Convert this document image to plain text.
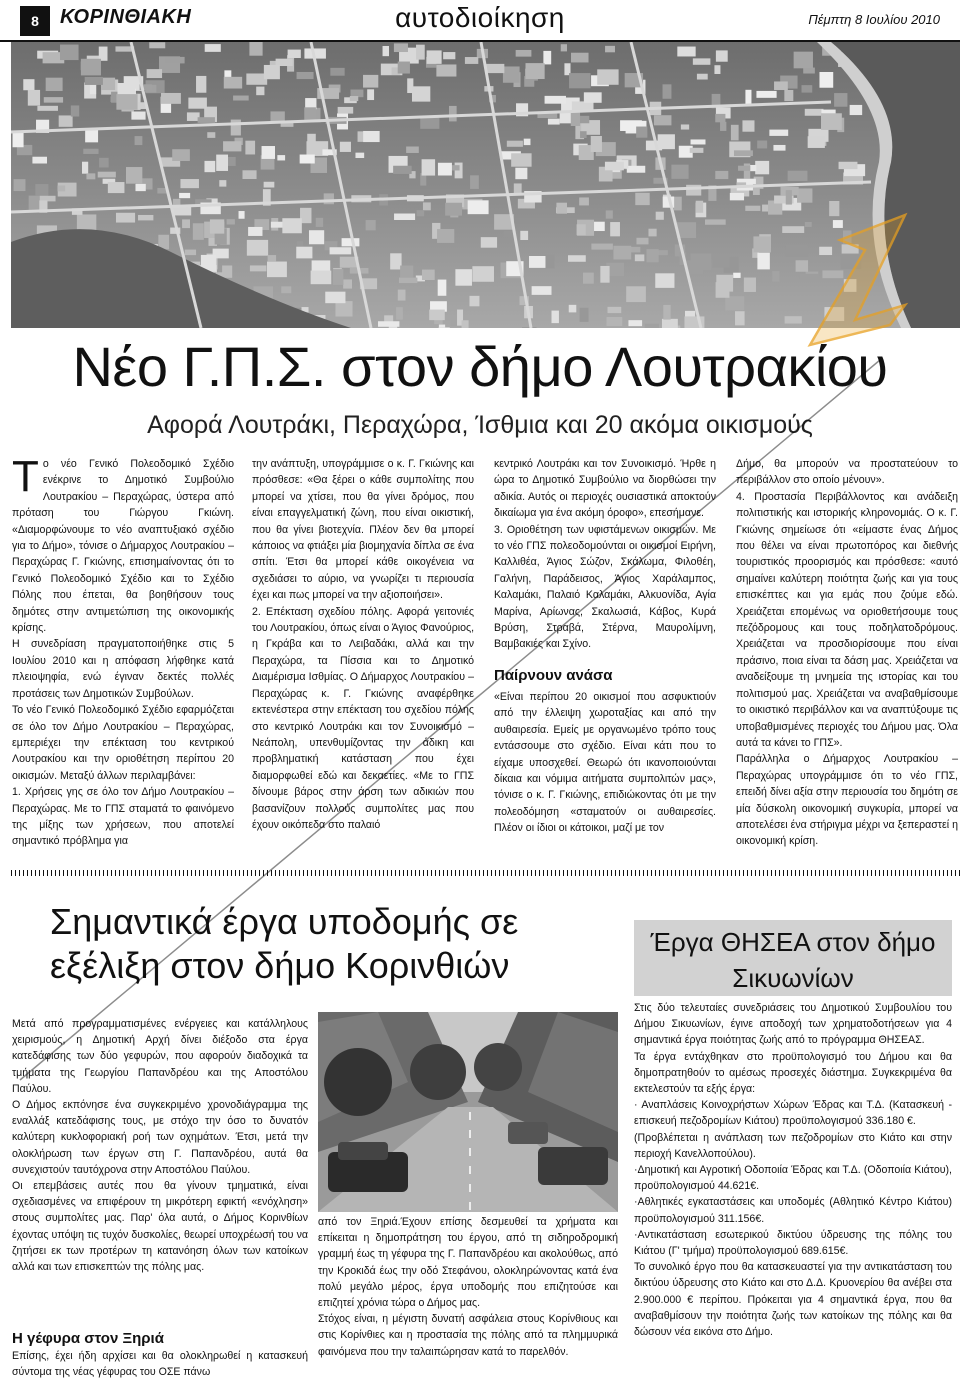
8	ΚΟΡΙΝΘΙΑΚΗ	αυτοδιοίκηση	Πέμπτη 8 Ιουλίου 2010
Νέο Γ.Π.Σ. στον δήμο Λουτρακίου
Αφορά Λουτράκι, Περαχώρα, Ίσθμια και 20 ακόμα οικισμούς
Τ ο νέο Γενικό Πολεοδομικό Σχέδιο ενέκρινε το Δημοτικό Συμβούλιο Λουτρακίου – Περαχώρας, ύστερα από πρόταση του Γιώργου Γκιώνη. «Διαμορφώνουμε το νέο αναπτυξιακό σχέδιο για το Δήμο», τόνισε ο Δήμαρχος Λουτρακίου – Περαχώρας Γ. Γκιώνης, επισημαίνοντας ότι το Γενικό Πολεοδομικό Σχέδιο και το Σχέδιο Πόλης που έπεται, θα βοηθήσουν τους δημότες στην αντιμετώπιση της οικονομικής κρίσης.

Η συνεδρίαση πραγματοποιήθηκε στις 5 Ιουλίου 2010 και η απόφαση λήφθηκε κατά πλειοψηφία, ενώ έγιναν δεκτές πολλές προτάσεις των Δημοτικών Συμβούλων.

Το νέο Γενικό Πολεοδομικό Σχέδιο εφαρμόζεται σε όλο τον Δήμο Λουτρακίου – Περαχώρας, εμπεριέχει την επέκταση του κεντρικού Λουτρακίου και την οριοθέτηση περίπου 20 οικισμών. Μεταξύ άλλων περιλαμβάνει:

1. Χρήσεις γης σε όλο τον Δήμο Λουτρακίου – Περαχώρας. Με το ΓΠΣ σταματά το φαινόμενο της μίξης των χρήσεων, που αποτελεί σημαντικό πρόβλημα για

την ανάπτυξη, υπογράμμισε ο κ. Γ. Γκιώνης και πρόσθεσε: «Θα ξέρει ο κάθε συμπολίτης που μπορεί να χτίσει, που θα γίνει δρόμος, που είναι επαγγελματική ζώνη, που είναι οικιστική, που θα γίνει βιοτεχνία. Πλέον δεν θα μπορεί κάποιος να φτιάξει μία βιομηχανία δίπλα σε ένα σπίτι. Έτσι θα μπορεί κάθε οικογένεια να σχεδιάσει το αύριο, να γνωρίζει τι περιουσία έχει και πως μπορεί να την αξιοποιήσει».

2. Επέκταση σχεδίου πόλης. Αφορά γειτονιές του Λουτρακίου, όπως είναι ο Άγιος Φανούριος, η Γκράβα και το Λειβαδάκι, αλλά και την Περαχώρα, τα Πίσσια και το Δημοτικό Διαμέρισμα Ισθμίας. Ο Δήμαρχος Λουτρακίου – Περαχώρας κ. Γ. Γκιώνης αναφέρθηκε εκτενέστερα στην επέκταση του σχεδίου πόλης στο κεντρικό Λουτράκι και τον Συνοικισμό – Νεάπολη, υπενθυμίζοντας την άδικη και προβληματική κατάσταση που έχει διαμορφωθεί εδώ και δεκαετίες. «Με το ΓΠΣ δίνουμε βάρος στην άρση των αδικιών που βασανίζουν πολλούς συμπολίτες μας που έχουν οικόπεδα στο παλαιό

κεντρικό Λουτράκι και τον Συνοικισμό. Ήρθε η ώρα το Δημοτικό Συμβούλιο να διορθώσει την αδικία. Αυτός οι περιοχές ουσιαστικά αποκτούν δικαίωμα για ένα ακόμη όροφο», επεσήμανε.

3. Οριοθέτηση των υφιστάμενων οικισμών. Με το νέο ΓΠΣ πολεοδομούνται οι οικισμοί Ειρήνη, Καλλιθέα, Άγιος Σώζον, Σκάλωμα, Φιλοθέη, Γαλήνη, Παράδεισος, Άγιος Χαράλαμπος, Καλαμάκι, Παλαιό Καλαμάκι, Αλκυονίδα, Αγία Μαρίνα, Αρίωνας, Σκαλωσιά, Κάβος, Κυρά Βρύση, Στραβά, Στέρνα, Μαυρολίμνη, Βαμβακιές και Σχίνο.

Παίρνουν ανάσα

«Είναι περίπου 20 οικισμοί που ασφυκτιούν από την έλλειψη χωροταξίας και από την αυθαιρεσία. Εμείς με οργανωμένο τρόπο τους εντάσσουμε στο σχέδιο. Είναι κάτι που το είχαμε υποσχεθεί. Θεωρώ ότι ικανοποιούνται δίκαια και νόμιμα αιτήματα συμπολιτών μας», τόνισε ο κ. Γ. Γκιώνης, επιδιώκοντας ότι με την πολεοδόμηση «σταματούν οι αυθαιρεσίες. Πλέον οι ίδιοι οι κάτοικοι, μαζί με τον

Δήμο, θα μπορούν να προστατεύουν το περιβάλλον στο οποίο μένουν».

4. Προστασία Περιβάλλοντος και ανάδειξη πολιτιστικής και ιστορικής κληρονομιάς. Ο κ. Γ. Γκιώνης σημείωσε ότι «είμαστε ένας Δήμος που θέλει να είναι πρωτοπόρος και διεθνής τουριστικός προορισμός και πρόσθεσε: «αυτό σημαίνει καλύτερη ποιότητα ζωής και για τους επισκέπτες και για εμάς που ζούμε εδώ. Χρειάζεται επομένως να οριοθετήσουμε τους πεζόδρομους και τους ποδηλατοδρόμους. Χρειάζεται να προσδιορίσουμε που είναι πράσινο, ποια είναι τα δάση μας. Χρειάζεται να αναδείξουμε τη μνημεία της ιστορίας και του πολιτισμού μας. Χρειάζεται να αναβαθμίσουμε το οικιστικό περιβάλλον και να αναπτύξουμε τις υποβαθμισμένες περιοχές του Δήμου μας. Όλα αυτά τα κάνει το ΓΠΣ».

Παράλληλα ο Δήμαρχος Λουτρακίου – Περαχώρας υπογράμμισε ότι το νέο ΓΠΣ, επειδή δίνει αξία στην περιουσία του δημότη σε μία δύσκολη οικονομική συγκυρία, μπορεί να αποτελέσει ένα στήριγμα μέχρι να ξεπεραστεί η οικονομική κρίση.

Σημαντικά έργα υποδομής σε εξέλιξη στον δήμο Κορινθιών

Μετά από προγραμματισμένες ενέργειες και κατάλληλους χειρισμούς, η Δημοτική Αρχή δίνει διέξοδο στα έργα κατεδάφισης των δύο γεφυρών, που αφορούν διαδοχικά τα τμήματα της Γεωργίου Παπανδρέου και της Αποστόλου Παύλου.

Ο Δήμος εκπόνησε ένα συγκεκριμένο χρονοδιάγραμμα της εναλλάξ κατεδάφισης τους, με στόχο την όσο το δυνατόν καλύτερη κυκλοφοριακή ροή των οχημάτων. Έτσι, μετά την ολοκλήρωση των έργων στη Γ. Παπανδρέου, αυτά θα συνεχιστούν ταυτόχρονα στην Αποστόλου Παύλου.

Οι επεμβάσεις αυτές που θα γίνουν τμηματικά, είναι σχεδιασμένες να επιφέρουν τη μικρότερη εφικτή «ενόχληση» στους συμπολίτες μας. Παρ' όλα αυτά, ο Δήμος Κορινθίων έχοντας υπόψη τις τυχόν δυσκολίες, θεωρεί υποχρέωσή του να ζητήσει εκ των προτέρων τη κατανόηση όλων των κατοίκων αλλά και των επισκεπτών της πόλης μας.

Η γέφυρα στον Ξηριά
Επίσης, έχει ήδη αρχίσει και θα ολοκληρωθεί η κατασκευή σύντομα της νέας γέφυρας του ΟΣΕ πάνω

από τον Ξηριά.Έχουν επίσης δεσμευθεί τα χρήματα και επίκειται η δημοπράτηση του έργου, από τη σιδηροδρομική γραμμή έως τη γέφυρα της Γ. Παπανδρέου και ακολούθως, από την Κροκιδά έως την οδό Στεφάνου, ολοκληρώνοντας κατά ένα πολύ μεγάλο μέρος, έργα υποδομής που επιζητούσε και επιζητεί χρόνια τώρα ο Δήμος μας.

Στόχος είναι, η μέγιστη δυνατή ασφάλεια στους Κορίνθιους και στις Κορίνθιες και η προστασία της πόλης από τα πλημμυρικά φαινόμενα που την ταλαιπώρησαν κατά το παρελθόν.

Έργα ΘΗΣΕΑ στον δήμο Σικυωνίων

Στις δύο τελευταίες συνεδριάσεις του Δημοτικού Συμβουλίου του Δήμου Σικυωνίων, έγινε αποδοχή των χρηματοδοτήσεων για 4 σημαντικά έργα ποιότητας ζωής από το πρόγραμμα ΘΗΣΕΑΣ.

Τα έργα εντάχθηκαν στο προϋπολογισμό του Δήμου και θα δημοπρατηθούν το αμέσως προσεχές διάστημα. Συγκεκριμένα θα εκτελεστούν τα εξής έργα:

· Αναπλάσεις Κοινοχρήστων Χώρων Έδρας και Τ.Δ. (Κατασκευή - επισκευή πεζοδρομίων Κιάτου) προϋπολογισμού 336.180 €.

(Προβλέπεται η ανάπλαση των πεζοδρομίων στο Κιάτο και στην περιοχή Κανελλοπούλου).

·Δημοτική και Αγροτική Οδοποιία Έδρας και Τ.Δ. (Οδοποιία Κιάτου), προϋπολογισμού 44.621€.

·Αθλητικές εγκαταστάσεις και υποδομές (Αθλητικό Κέντρο Κιάτου) προϋπολογισμού 311.156€.

·Αντικατάσταση εσωτερικού δικτύου ύδρευσης της πόλης του Κιάτου (Γ' τμήμα) προϋπολογισμού 689.615€.

Το συνολικό έργο που θα κατασκευαστεί για την αντικατάσταση του δικτύου ύδρευσης στο Κιάτο και στο Δ.Δ. Κρυονερίου θα ανέβει στα 2.900.000 € περίπου. Πρόκειται για 4 σημαντικά έργα, που θα αναβαθμίσουν την ποιότητα ζωής των κατοίκων της πόλης και θα δώσουν νέα εικόνα στο Δήμο.
